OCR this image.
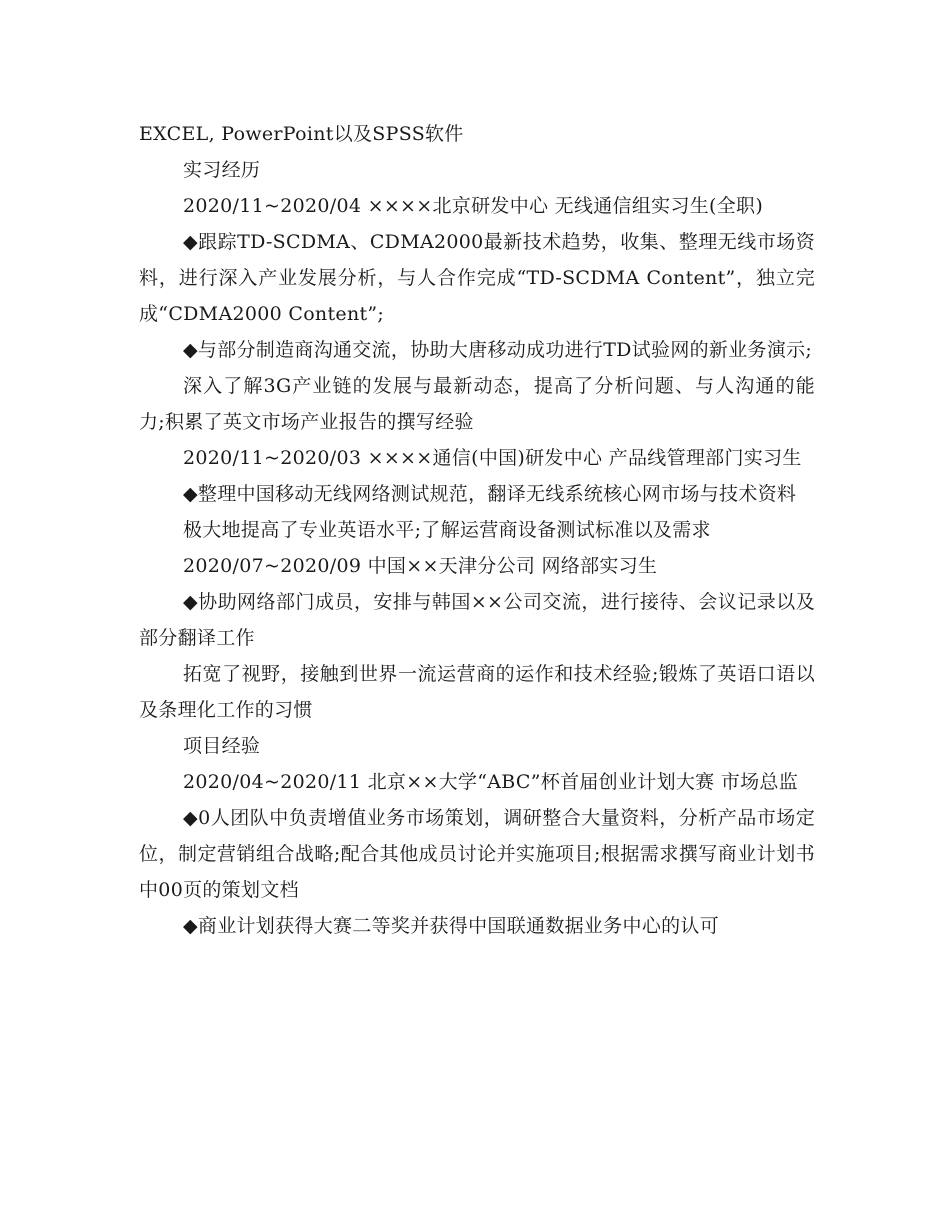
EXCEL, PowerPoint以及SPSS软件

实习经历

2020/11~2020/04 ××××北京研发中心 无线通信组实习生(全职)

◆跟踪TD-SCDMA、CDMA2000最新技术趋势，收集、整理无线市场资料，进行深入产业发展分析，与人合作完成“TD-SCDMA Content”，独立完成“CDMA2000 Content”;

◆与部分制造商沟通交流，协助大唐移动成功进行TD试验网的新业务演示;

深入了解3G产业链的发展与最新动态，提高了分析问题、与人沟通的能力;积累了英文市场产业报告的撰写经验

2020/11~2020/03 ××××通信(中国)研发中心 产品线管理部门实习生

◆整理中国移动无线网络测试规范，翻译无线系统核心网市场与技术资料

极大地提高了专业英语水平;了解运营商设备测试标准以及需求

2020/07~2020/09 中国××天津分公司 网络部实习生

◆协助网络部门成员，安排与韩国××公司交流，进行接待、会议记录以及部分翻译工作

拓宽了视野，接触到世界一流运营商的运作和技术经验;锻炼了英语口语以及条理化工作的习惯

项目经验

2020/04~2020/11 北京××大学“ABC”杯首届创业计划大赛 市场总监

◆0人团队中负责增值业务市场策划，调研整合大量资料，分析产品市场定位，制定营销组合战略;配合其他成员讨论并实施项目;根据需求撰写商业计划书中00页的策划文档

◆商业计划获得大赛二等奖并获得中国联通数据业务中心的认可
